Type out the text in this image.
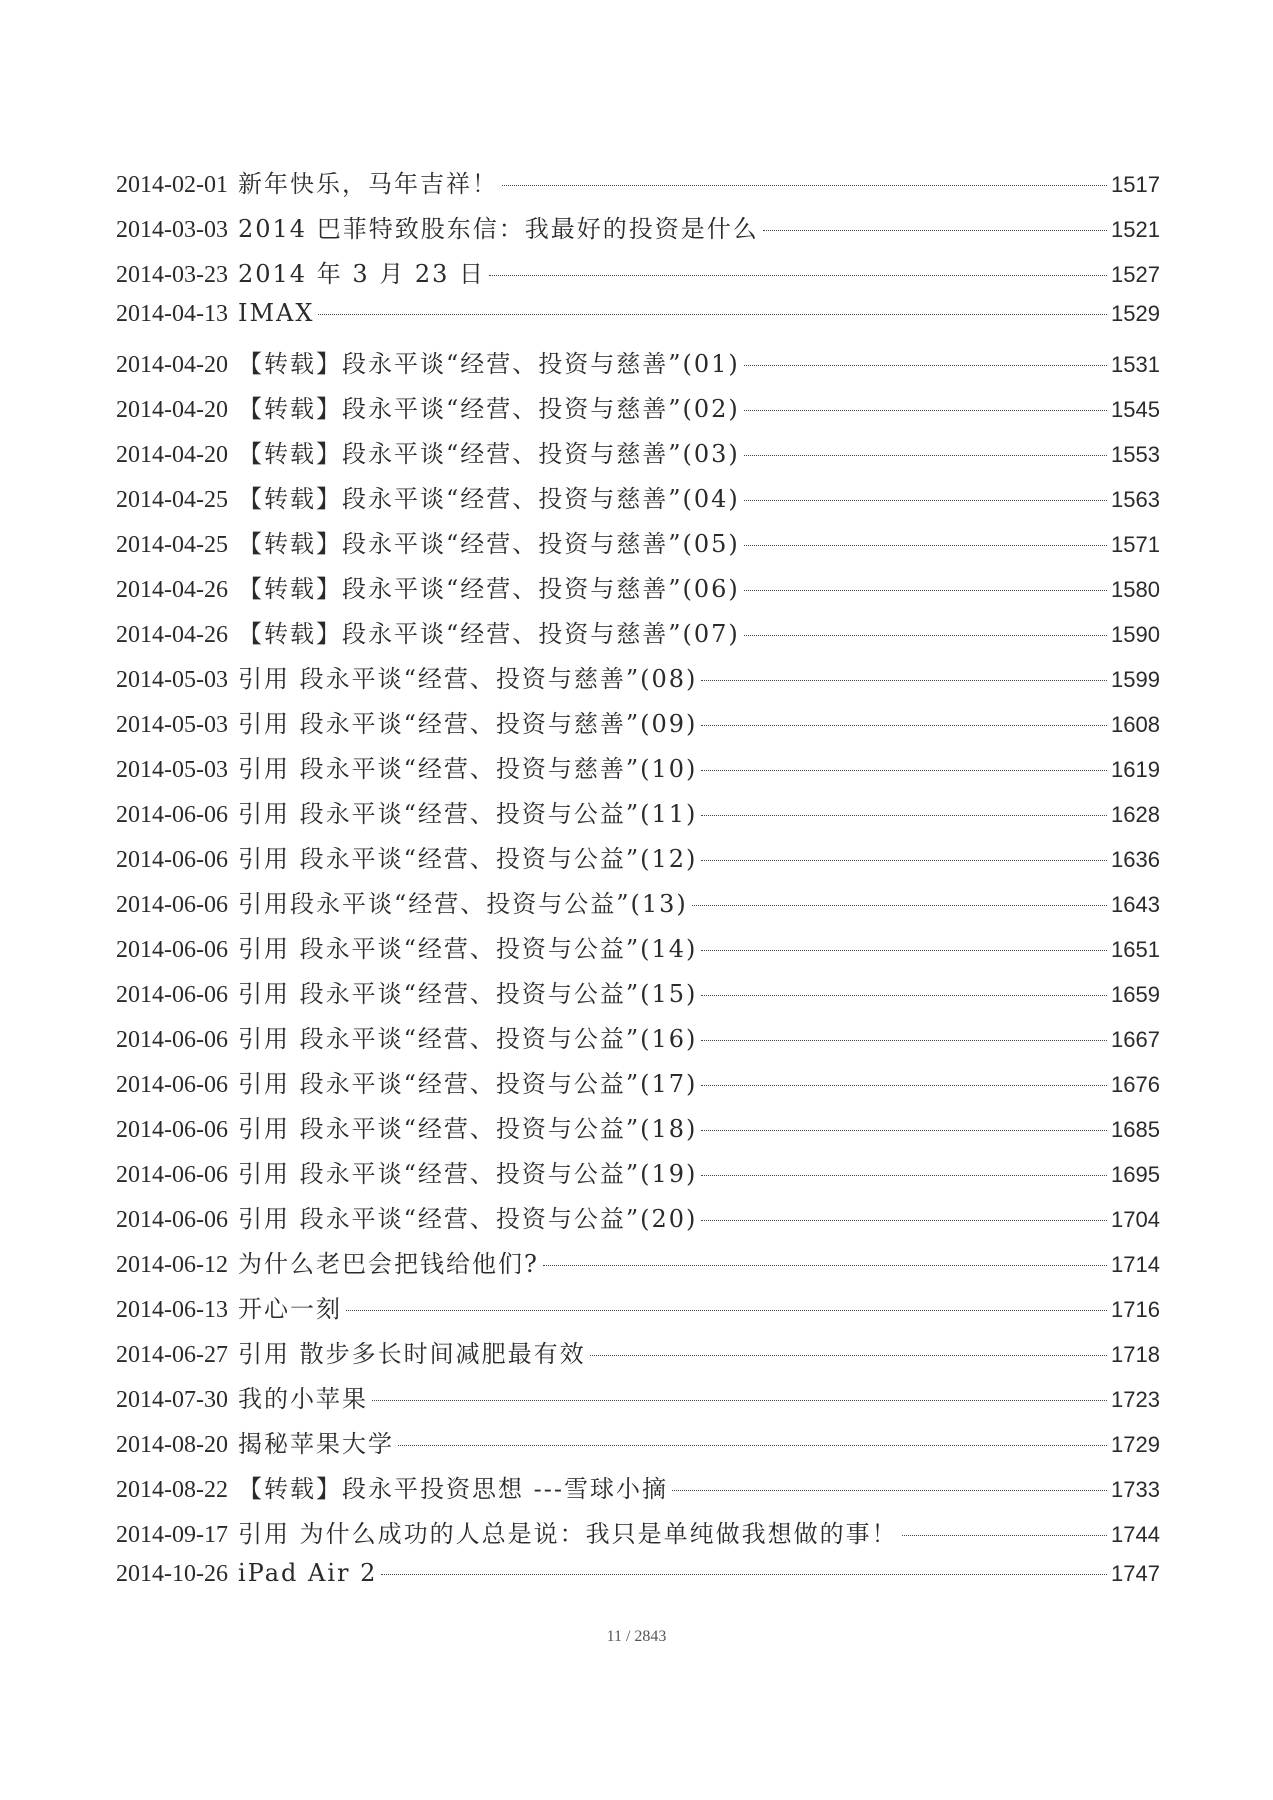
2014-02-01 新年快乐，马年吉祥！	1517
2014-03-03 2014 巴菲特致股东信：我最好的投资是什么	1521
2014-03-23 2014 年 3 月 23 日	1527
2014-04-13 IMAX	1529
2014-04-20 【转载】段永平谈“经营、投资与慈善”(01)	1531
2014-04-20 【转载】段永平谈“经营、投资与慈善”(02)	1545
2014-04-20 【转载】段永平谈“经营、投资与慈善”(03)	1553
2014-04-25 【转载】段永平谈“经营、投资与慈善”(04)	1563
2014-04-25 【转载】段永平谈“经营、投资与慈善”(05)	1571
2014-04-26 【转载】段永平谈“经营、投资与慈善”(06)	1580
2014-04-26 【转载】段永平谈“经营、投资与慈善”(07)	1590
2014-05-03 引用 段永平谈“经营、投资与慈善”(08)	1599
2014-05-03 引用 段永平谈“经营、投资与慈善”(09)	1608
2014-05-03 引用 段永平谈“经营、投资与慈善”(10)	1619
2014-06-06 引用 段永平谈“经营、投资与公益”(11)	1628
2014-06-06 引用 段永平谈“经营、投资与公益”(12)	1636
2014-06-06 引用段永平谈“经营、投资与公益”(13)	1643
2014-06-06 引用 段永平谈“经营、投资与公益”(14)	1651
2014-06-06 引用 段永平谈“经营、投资与公益”(15)	1659
2014-06-06 引用 段永平谈“经营、投资与公益”(16)	1667
2014-06-06 引用 段永平谈“经营、投资与公益”(17)	1676
2014-06-06 引用 段永平谈“经营、投资与公益”(18)	1685
2014-06-06 引用 段永平谈“经营、投资与公益”(19)	1695
2014-06-06 引用 段永平谈“经营、投资与公益”(20)	1704
2014-06-12 为什么老巴会把钱给他们?	1714
2014-06-13 开心一刻	1716
2014-06-27 引用 散步多长时间减肥最有效	1718
2014-07-30 我的小苹果	1723
2014-08-20 揭秘苹果大学	1729
2014-08-22 【转载】段永平投资思想 ---雪球小摘	1733
2014-09-17 引用 为什么成功的人总是说：我只是单纯做我想做的事！	1744
2014-10-26 iPad Air 2	1747
11 / 2843
